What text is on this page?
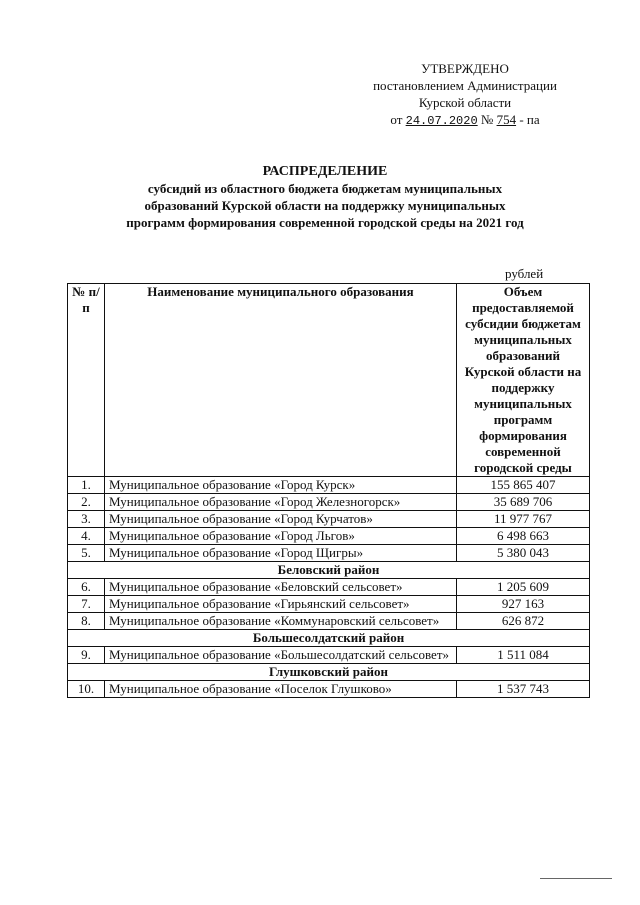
УТВЕРЖДЕНО
постановлением Администрации
Курской области
от 24.07.2020 № 754 - па
РАСПРЕДЕЛЕНИЕ
субсидий из областного бюджета бюджетам муниципальных
образований Курской области на поддержку муниципальных
программ формирования современной городской среды на 2021 год
рублей
№ п/п	Наименование муниципального образования	Объем предоставляемой субсидии бюджетам муниципальных образований Курской области на поддержку муниципальных программ формирования современной городской среды
1.	Муниципальное образование «Город Курск»	155 865 407
2.	Муниципальное образование «Город Железногорск»	35 689 706
3.	Муниципальное образование «Город Курчатов»	11 977 767
4.	Муниципальное образование «Город Льгов»	6 498 663
5.	Муниципальное образование «Город Щигры»	5 380 043
Беловский район		
6.	Муниципальное образование «Беловский сельсовет»	1 205 609
7.	Муниципальное образование «Гирьянский сельсовет»	927 163
8.	Муниципальное образование «Коммунаровский сельсовет»	626 872
Большесолдатский район		
9.	Муниципальное образование «Большесолдатский сельсовет»	1 511 084
Глушковский район		
10.	Муниципальное образование «Поселок Глушково»	1 537 743
